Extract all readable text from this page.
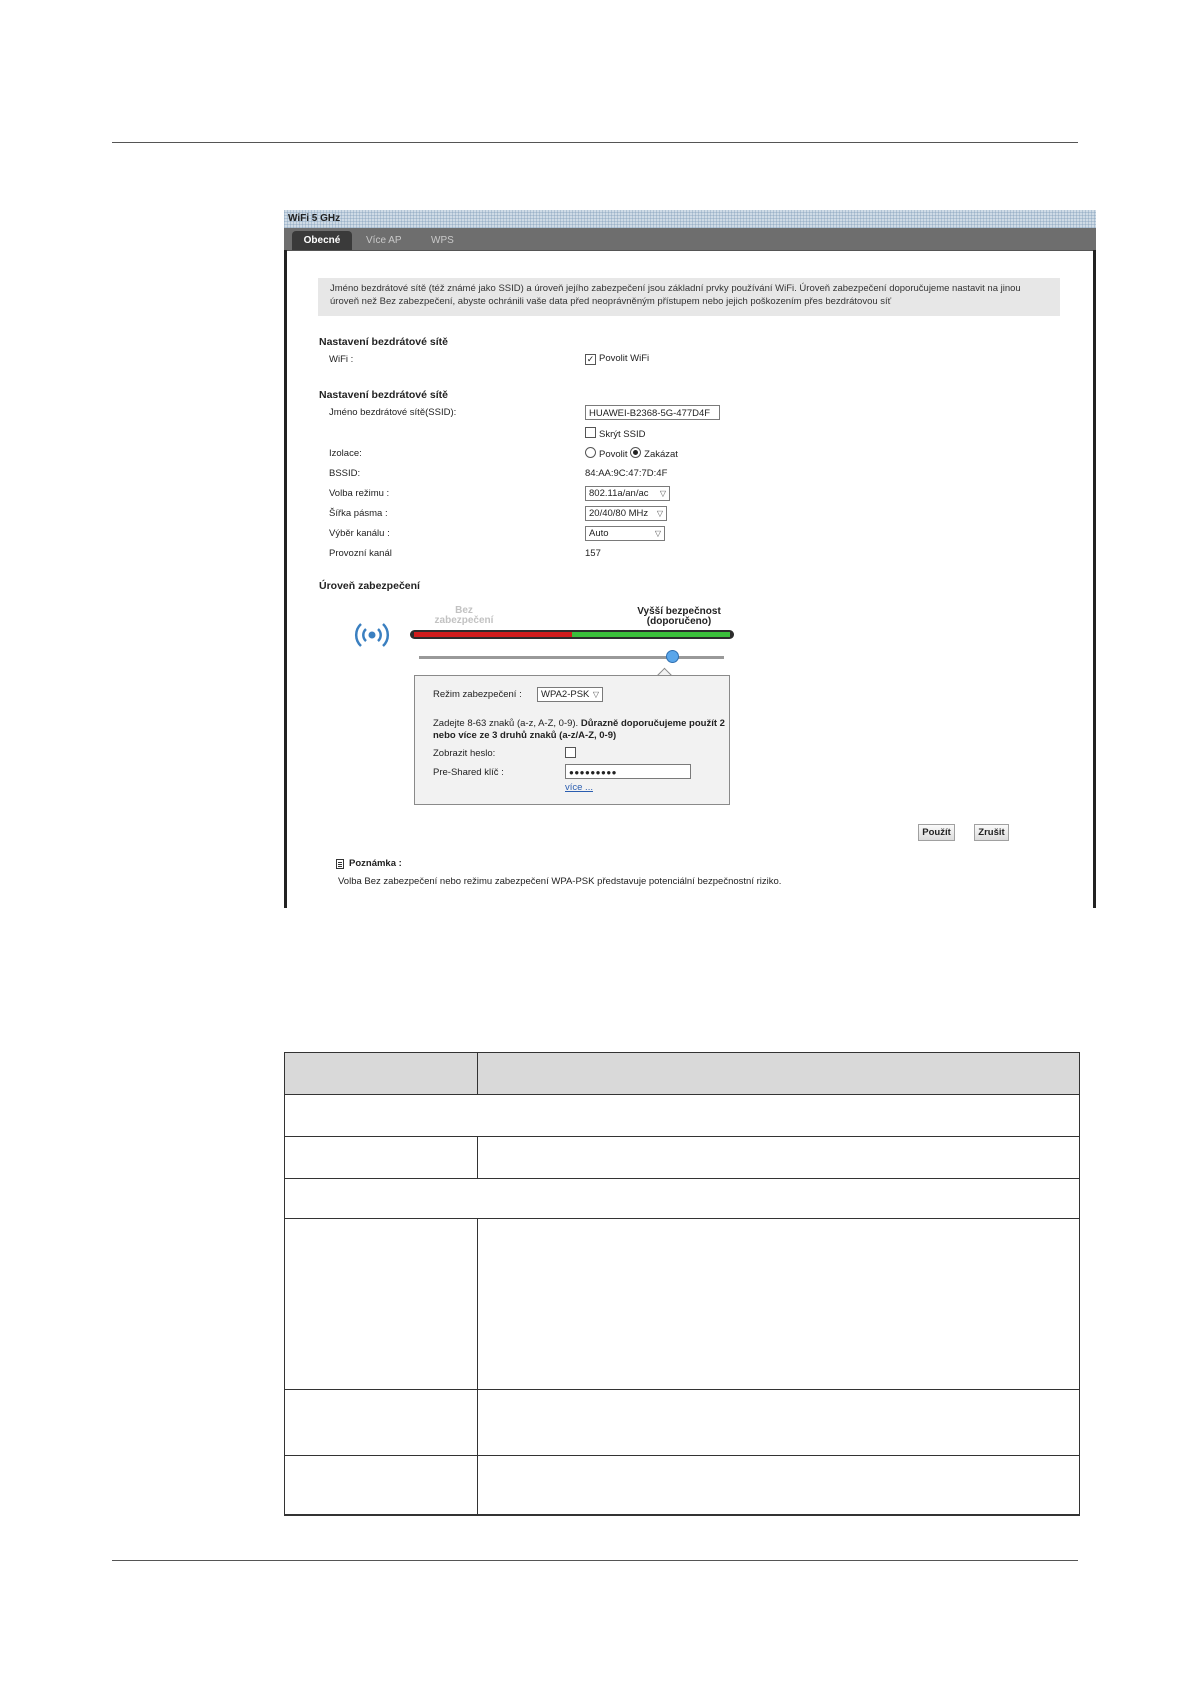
WiFi 5 GHz
Obecné	Více AP	WPS
Jméno bezdrátové sítě (též známé jako SSID) a úroveň jejího zabezpečení jsou základní prvky používání WiFi. Úroveň zabezpečení doporučujeme nastavit na jinou úroveň než Bez zabezpečení, abyste ochránili vaše data před neoprávněným přístupem nebo jejich poškozením přes bezdrátovou síť
Nastavení bezdrátové sítě
WiFi :	✓ Povolit WiFi
Nastavení bezdrátové sítě
Jméno bezdrátové sítě(SSID):	HUAWEI-B2368-5G-477D4F
Skrýt SSID
Izolace:	Povolit Zakázat
BSSID:	84:AA:9C:47:7D:4F
Volba režimu :	802.11a/an/ac ▽
Šířka pásma :	20/40/80 MHz ▽
Výběr kanálu :	Auto	▽
Provozní kanál	157
Úroveň zabezpečení
Bez zabezpečení
Vyšší bezpečnost (doporučeno)
Režim zabezpečení :	WPA2-PSK ▽
Zadejte 8-63 znaků (a-z, A-Z, 0-9). Důrazně doporučujeme použít 2 nebo více ze 3 druhů znaků (a-z/A-Z, 0-9)
Zobrazit heslo:
Pre-Shared klíč :	●●●●●●●●●
více ...
Použít	Zrušit
Poznámka :
Volba Bez zabezpečení nebo režimu zabezpečení WPA-PSK představuje potenciální bezpečnostní riziko.
